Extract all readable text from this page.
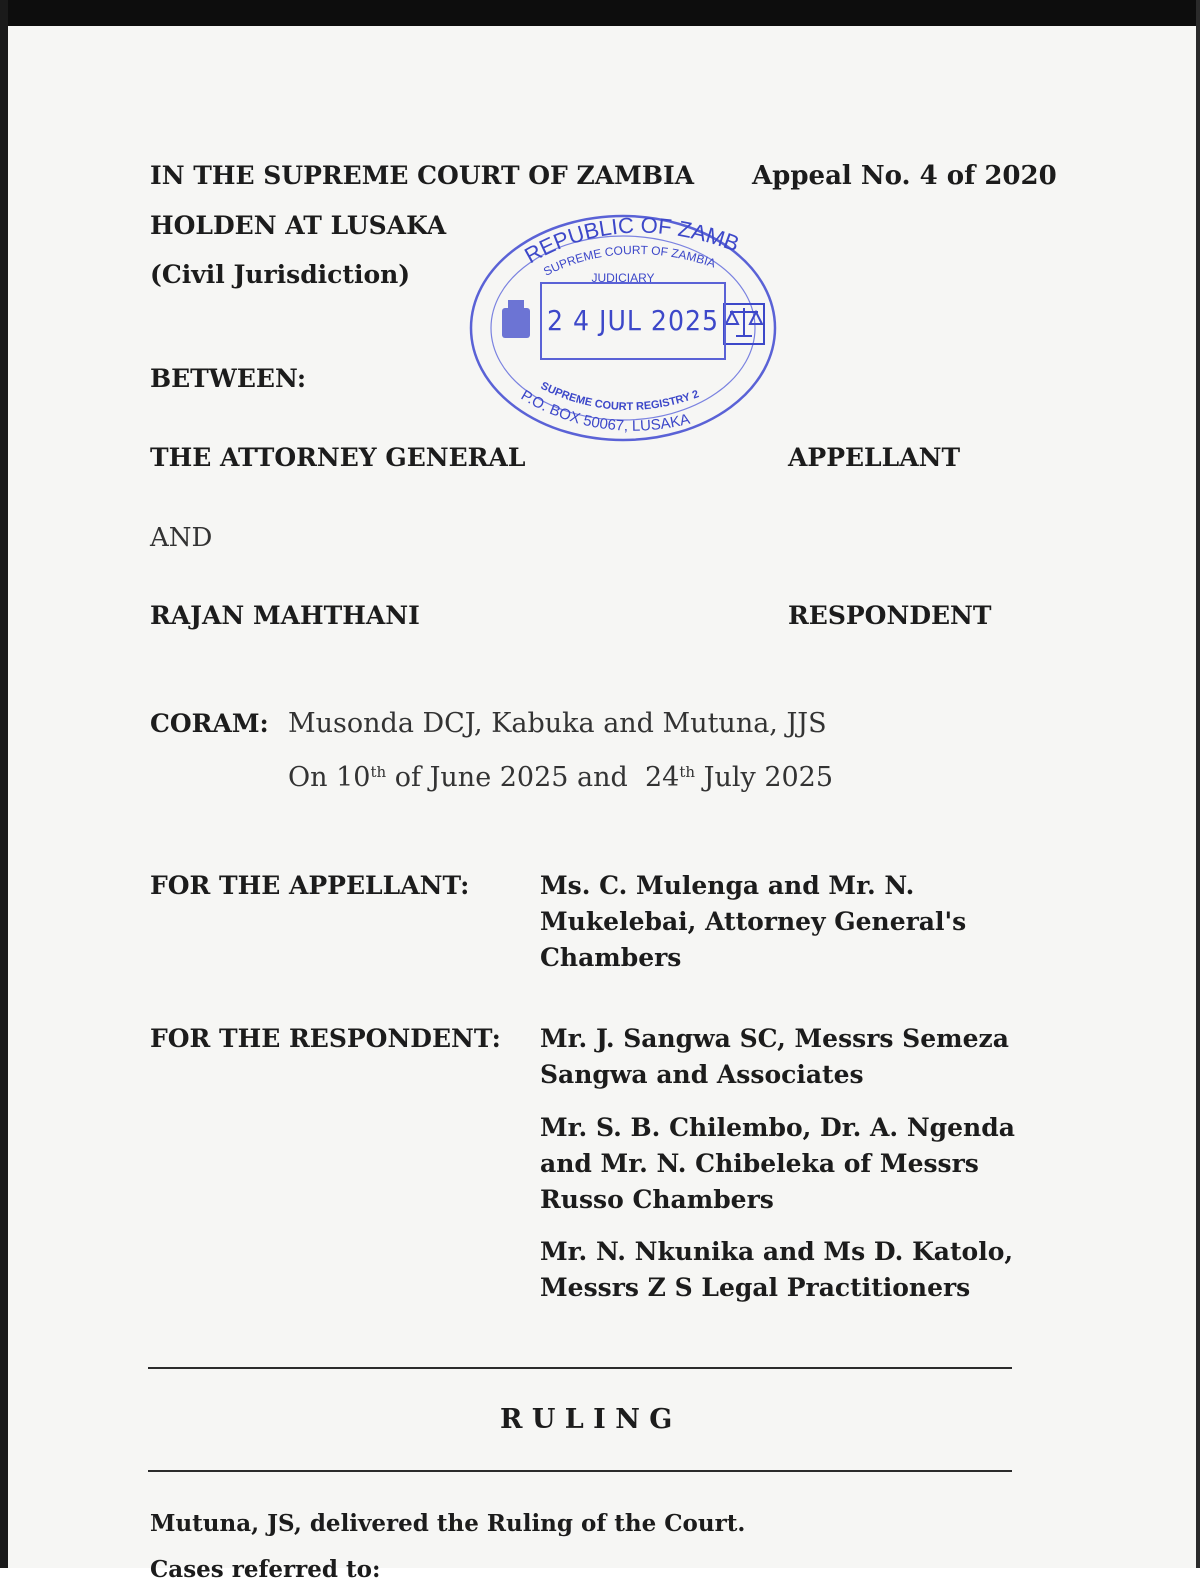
IN THE SUPREME COURT OF ZAMBIA Appeal No. 4 of 2020
HOLDEN AT LUSAKA
(Civil Jurisdiction)
REPUBLIC OF ZAMB
SUPREME COURT OF ZAMBIA
JUDICIARY
SUPREME COURT REGISTRY 2
P.O. BOX 50067, LUSAKA
2 4 JUL 2025
BETWEEN:
THE ATTORNEY GENERAL	APPELLANT
AND
RAJAN MAHTHANI	RESPONDENT
CORAM: Musonda DCJ, Kabuka and Mutuna, JJS
On 10th of June 2025 and  24th July 2025
FOR THE APPELLANT:	Ms. C. Mulenga and Mr. N. Mukelebai, Attorney General's Chambers
FOR THE RESPONDENT: Mr. J. Sangwa SC, Messrs Semeza Sangwa and Associates
Mr. S. B. Chilembo, Dr. A. Ngenda and Mr. N. Chibeleka of Messrs Russo Chambers
Mr. N. Nkunika and Ms D. Katolo, Messrs Z S Legal Practitioners
R U L I N G
Mutuna, JS, delivered the Ruling of the Court.
Cases referred to:
